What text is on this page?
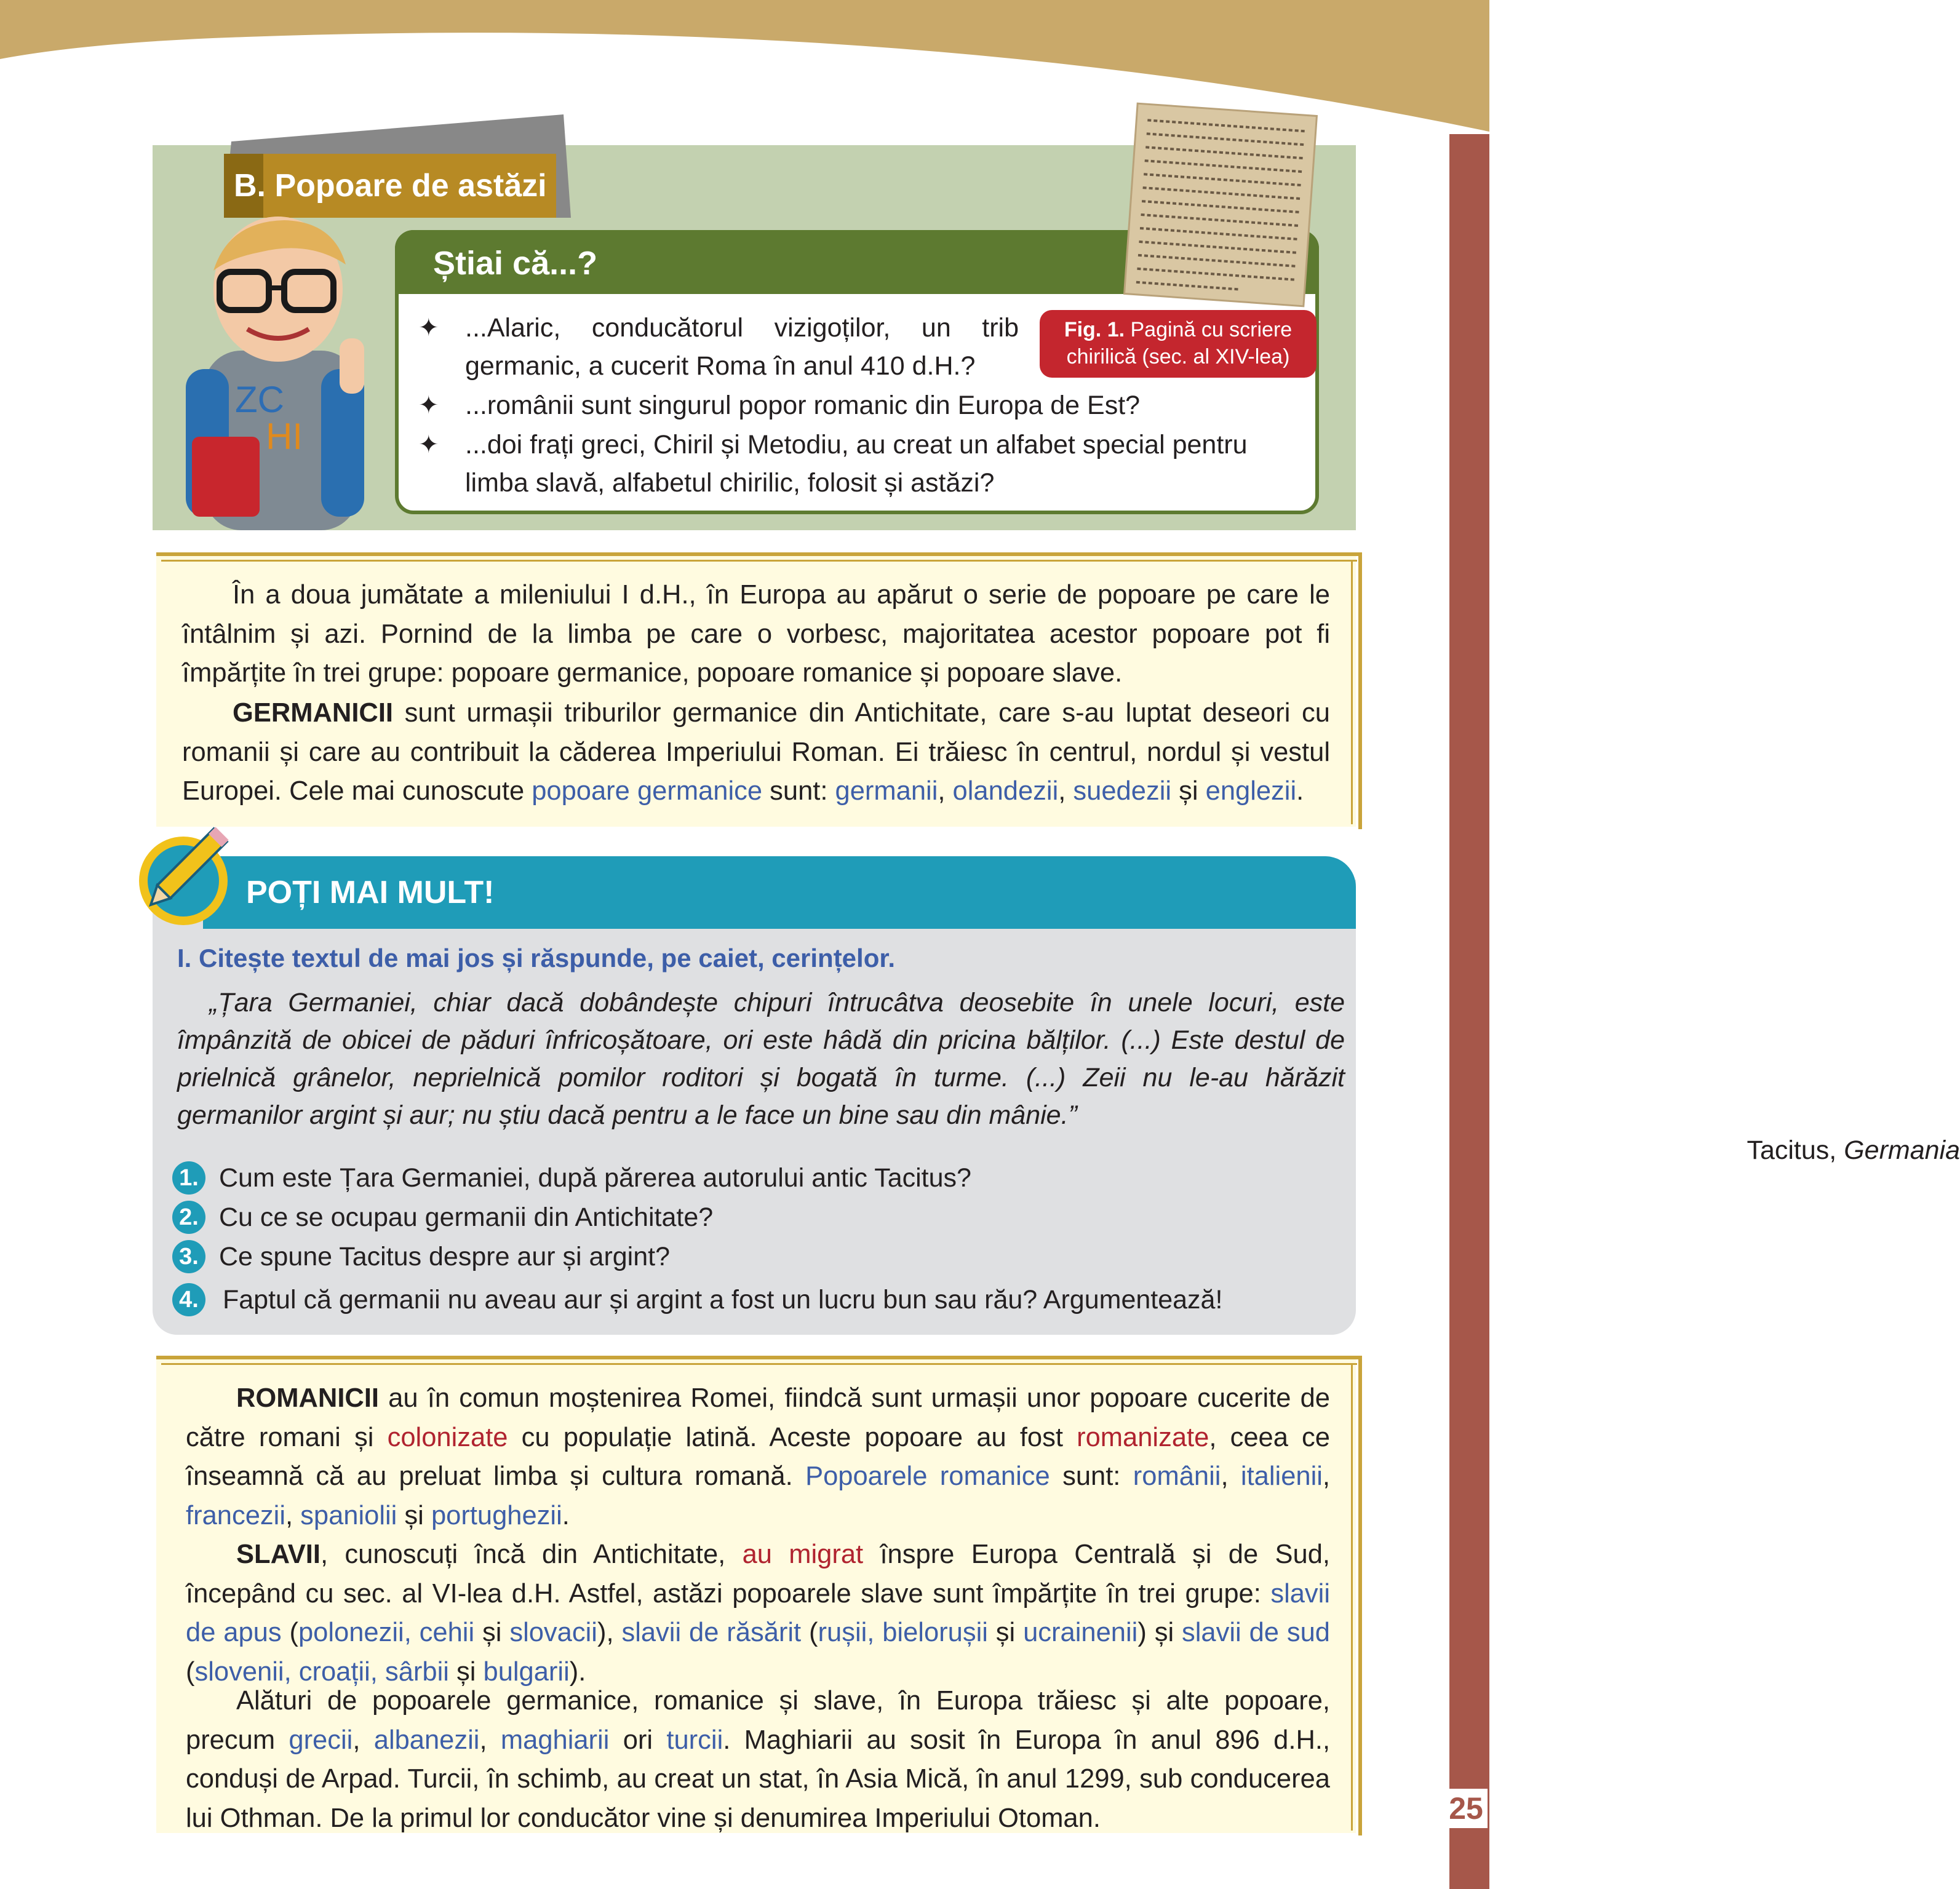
25
B. Popoare de astăzi
ZC
HI
Știai că...?
✦ ...Alaric, conducătorul vizigoților, un trib germanic, a cucerit Roma în anul 410 d.H.?
✦ ...românii sunt singurul popor romanic din Europa de Est?
✦ ...doi frați greci, Chiril și Metodiu, au creat un alfabet special pentru limba slavă, alfabetul chirilic, folosit și astăzi?
Fig. 1. Pagină cu scriere chirilică (sec. al XIV-lea)
În a doua jumătate a mileniului I d.H., în Europa au apărut o serie de popoare pe care le întâlnim și azi. Pornind de la limba pe care o vorbesc, majoritatea acestor popoare pot fi împărțite în trei grupe: popoare germanice, popoare romanice și popoare slave.
GERMANICII sunt urmașii triburilor germanice din Antichitate, care s-au luptat deseori cu romanii și care au contribuit la căderea Imperiului Roman. Ei trăiesc în centrul, nordul și vestul Europei. Cele mai cunoscute popoare germanice sunt: germanii, olandezii, suedezii și englezii.
POȚI MAI MULT!
I. Citește textul de mai jos și răspunde, pe caiet, cerințelor.
„Țara Germaniei, chiar dacă dobândește chipuri întrucâtva deosebite în unele locuri, este împânzită de obicei de păduri înfricoșătoare, ori este hâdă din pricina bălților. (...) Este destul de prielnică grânelor, neprielnică pomilor roditori și bogată în turme. (...) Zeii nu le-au hărăzit germanilor argint și aur; nu știu dacă pentru a le face un bine sau din mânie.”
Tacitus, Germania
1. Cum este Țara Germaniei, după părerea autorului antic Tacitus?
2. Cu ce se ocupau germanii din Antichitate?
3. Ce spune Tacitus despre aur și argint?
4. Faptul că germanii nu aveau aur și argint a fost un lucru bun sau rău? Argumentează!
ROMANICII au în comun moștenirea Romei, fiindcă sunt urmașii unor popoare cucerite de către romani și colonizate cu populație latină. Aceste popoare au fost romanizate, ceea ce înseamnă că au preluat limba și cultura romană. Popoarele romanice sunt: românii, italienii, francezii, spaniolii și portughezii.
SLAVII, cunoscuți încă din Antichitate, au migrat înspre Europa Centrală și de Sud, începând cu sec. al VI-lea d.H. Astfel, astăzi popoarele slave sunt împărțite în trei grupe: slavii de apus (polonezii, cehii și slovacii), slavii de răsărit (rușii, bielorușii și ucrainenii) și slavii de sud (slovenii, croații, sârbii și bulgarii).
Alături de popoarele germanice, romanice și slave, în Europa trăiesc și alte popoare, precum grecii, albanezii, maghiarii ori turcii. Maghiarii au sosit în Europa în anul 896 d.H., conduși de Arpad. Turcii, în schimb, au creat un stat, în Asia Mică, în anul 1299, sub conducerea lui Othman. De la primul lor conducător vine și denumirea Imperiului Otoman.
